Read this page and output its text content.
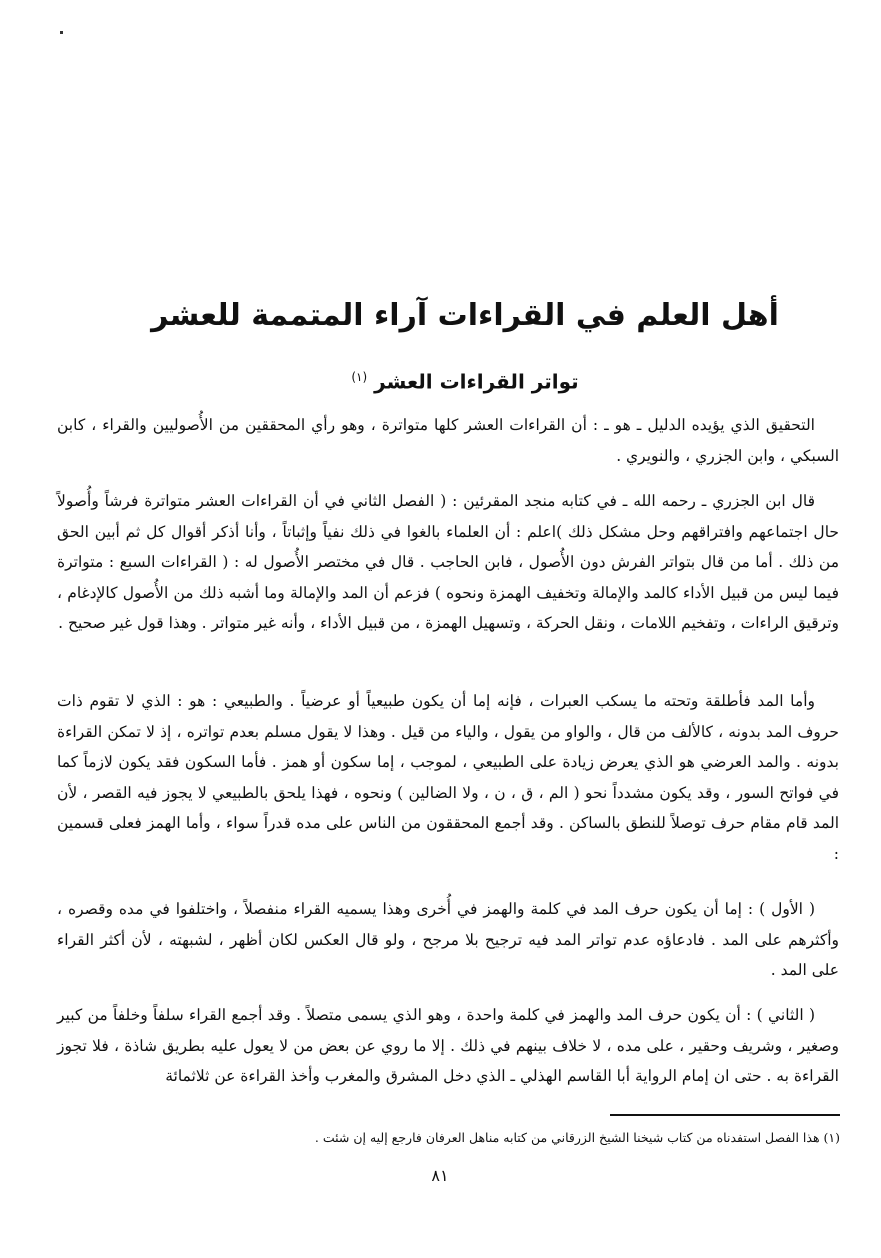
أهل العلم في القراءات آراء المتممة للعشر
تواتر القراءات العشر $^{(١)}$

التحقيق الذي يؤيده الدليل ـ هو ـ : أن القراءات العشر كلها متواترة ، وهو رأي المحققين من الأُصوليين والقراء ، كابن السبكي ، وابن الجزري ، والنويري .

قال ابن الجزري ـ رحمه الله ـ في كتابه منجد المقرئين : ( الفصل الثاني في أن القراءات العشر متواترة فرشاً وأُصولاً حال اجتماعهم وافتراقهم وحل مشكل ذلك )اعلم : أن العلماء بالغوا في ذلك نفياً وإثباتاً ، وأنا أذكر أقوال كل ثم أبين الحق من ذلك . أما من قال بتواتر الفرش دون الأُصول ، فابن الحاجب . قال في مختصر الأُصول له : ( القراءات السبع : متواترة فيما ليس من قبيل الأداء كالمد والإمالة وتخفيف الهمزة ونحوه ) فزعم أن المد والإمالة وما أشبه ذلك من الأُصول كالإدغام ، وترقيق الراءات ، وتفخيم اللامات ، ونقل الحركة ، وتسهيل الهمزة ، من قبيل الأداء ، وأنه غير متواتر . وهذا قول غير صحيح .

وأما المد فأطلقة وتحته ما يسكب العبرات ، فإنه إما أن يكون طبيعياً أو عرضياً . والطبيعي : هو : الذي لا تقوم ذات حروف المد بدونه ، كالألف من قال ، والواو من يقول ، والياء من قيل . وهذا لا يقول مسلم بعدم تواتره ، إذ لا تمكن القراءة بدونه . والمد العرضي هو الذي يعرض زيادة على الطبيعي ، لموجب ، إما سكون أو همز . فأما السكون فقد يكون لازماً كما في فواتح السور ، وقد يكون مشدداً نحو ( الم ، ق ، ن ، ولا الضالين ) ونحوه ، فهذا يلحق بالطبيعي لا يجوز فيه القصر ، لأن المد قام مقام حرف توصلاً للنطق بالساكن . وقد أجمع المحققون من الناس على مده قدراً سواء ، وأما الهمز فعلى قسمين :

( الأول ) : إما أن يكون حرف المد في كلمة والهمز في أُخرى وهذا يسميه القراء منفصلاً ، واختلفوا في مده وقصره ، وأكثرهم على المد . فادعاؤه عدم تواتر المد فيه ترجيح بلا مرجح ، ولو قال العكس لكان أظهر ، لشبهته ، لأن أكثر القراء على المد .

( الثاني ) : أن يكون حرف المد والهمز في كلمة واحدة ، وهو الذي يسمى متصلاً . وقد أجمع القراء سلفاً وخلفاً من كبير وصغير ، وشريف وحقير ، على مده ، لا خلاف بينهم في ذلك . إلا ما روي عن بعض من لا يعول عليه بطريق شاذة ، فلا تجوز القراءة به . حتى ان إمام الرواية أبا القاسم الهذلي ـ الذي دخل المشرق والمغرب وأخذ القراءة عن ثلاثمائة

(١) هذا الفصل استفدناه من كتاب شيخنا الشيخ الزرقاني من كتابه مناهل العرفان فارجع إليه إن شئت .
٨١
